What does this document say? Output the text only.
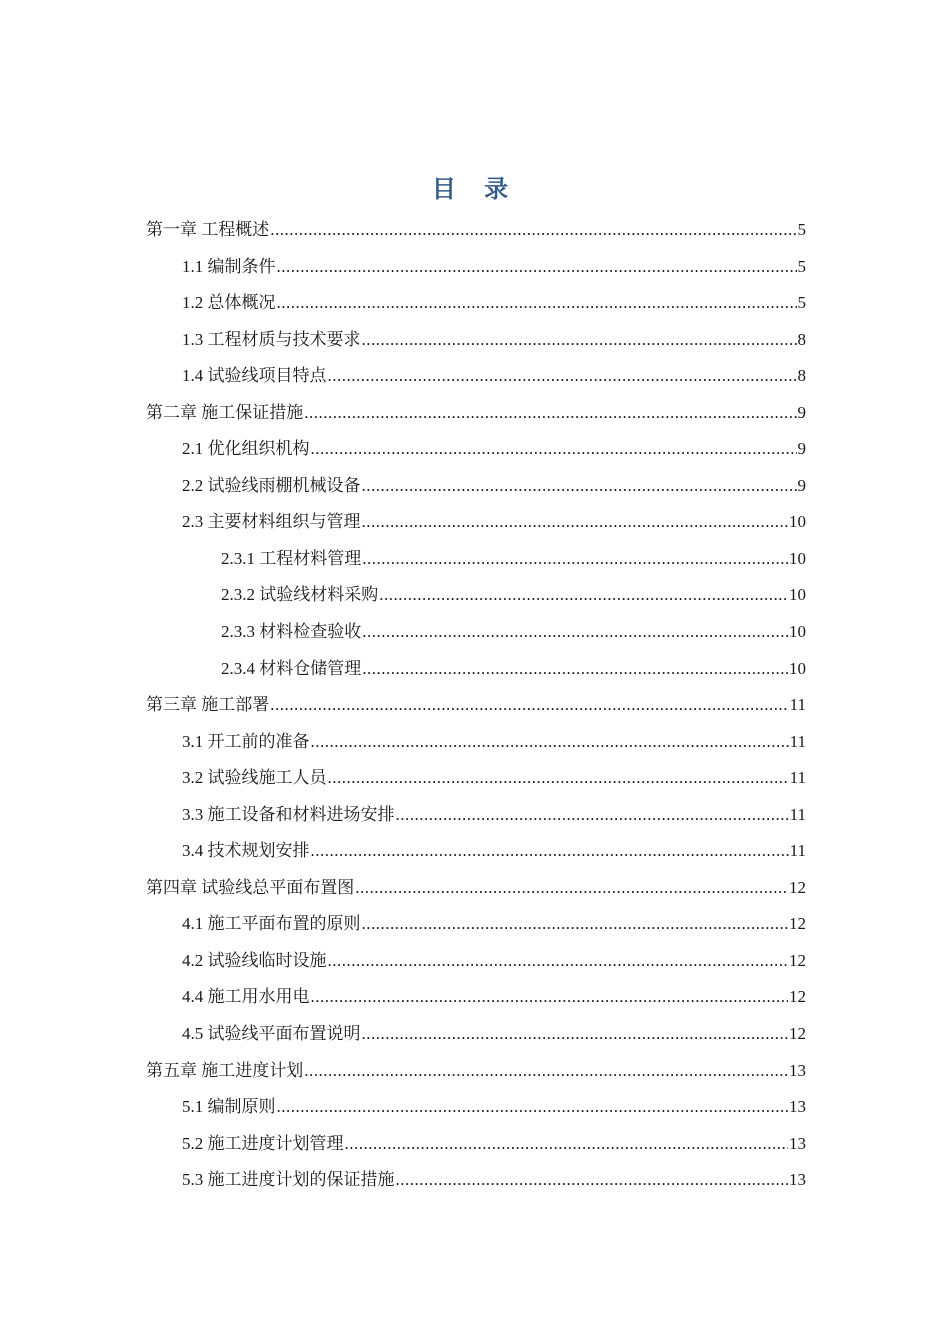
目 录
第一章 工程概述 .....	5
1.1 编制条件 .....	5
1.2 总体概况 .....	5
1.3 工程材质与技术要求 .....	8
1.4 试验线项目特点 .....	8
第二章 施工保证措施 .....	9
2.1 优化组织机构 .....	9
2.2 试验线雨棚机械设备 .....	9
2.3 主要材料组织与管理 .....	10
2.3.1 工程材料管理 .....	10
2.3.2 试验线材料采购 .....	10
2.3.3 材料检查验收 .....	10
2.3.4 材料仓储管理 .....	10
第三章 施工部署 .....	11
3.1 开工前的准备 .....	11
3.2 试验线施工人员 .....	11
3.3 施工设备和材料进场安排 .....	11
3.4 技术规划安排 .....	11
第四章 试验线总平面布置图 .....	12
4.1 施工平面布置的原则 .....	12
4.2 试验线临时设施 .....	12
4.4 施工用水用电 .....	12
4.5 试验线平面布置说明 .....	12
第五章 施工进度计划 .....	13
5.1 编制原则 .....	13
5.2 施工进度计划管理 .....	13
5.3 施工进度计划的保证措施 .....	13
